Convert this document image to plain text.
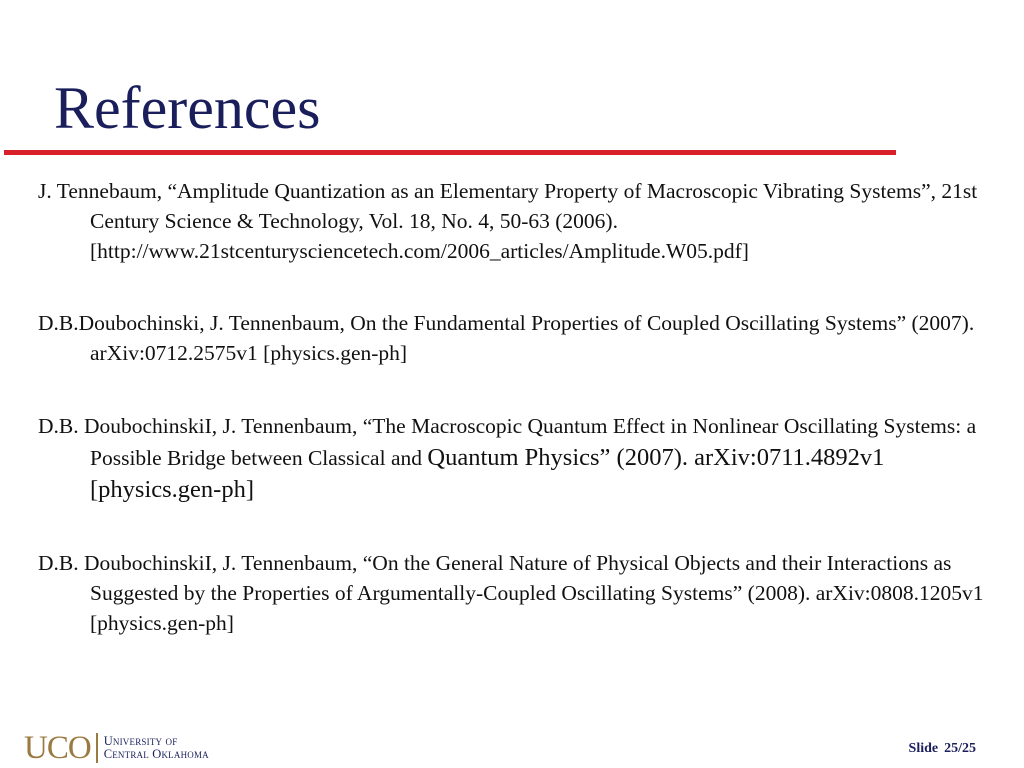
References

J. Tennebaum, “Amplitude Quantization as an Elementary Property of Macroscopic Vibrating Systems”, 21st Century Science & Technology, Vol. 18, No. 4, 50-63 (2006).
[http://www.21stcenturysciencetech.com/2006_articles/Amplitude.W05.pdf]

D.B.Doubochinski, J. Tennenbaum, On the Fundamental Properties of Coupled Oscillating Systems” (2007). arXiv:0712.2575v1 [physics.gen-ph]

D.B. DoubochinskiI, J. Tennenbaum, “The Macroscopic Quantum Effect in Nonlinear Oscillating Systems: a Possible Bridge between Classical and Quantum Physics” (2007). arXiv:0711.4892v1 [physics.gen-ph]

D.B. DoubochinskiI, J. Tennenbaum, “On the General Nature of Physical Objects and their Interactions as Suggested by the Properties of Argumentally-Coupled Oscillating Systems” (2008). arXiv:0808.1205v1 [physics.gen-ph]

UCO University of
Central Oklahoma	Slide 25/25
